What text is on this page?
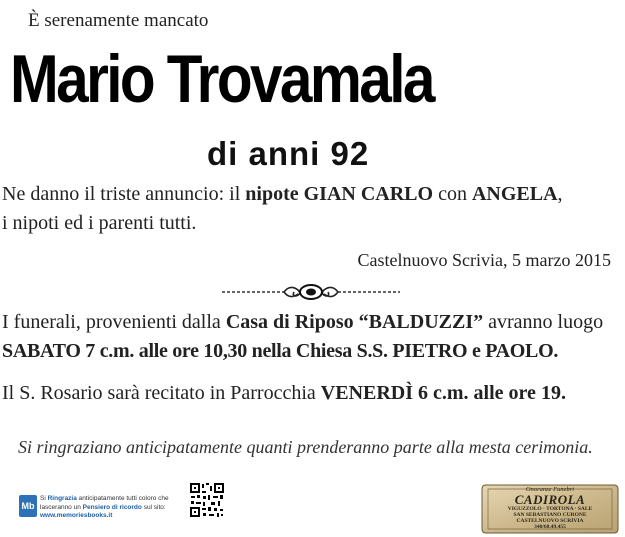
È serenamente mancato
Mario Trovamala
di anni 92
Ne danno il triste annuncio: il nipote GIAN CARLO con ANGELA,
i nipoti ed i parenti tutti.
Castelnuovo Scrivia, 5 marzo 2015
I funerali, provenienti dalla Casa di Riposo “BALDUZZI” avranno luogo
SABATO 7 c.m. alle ore 10,30 nella Chiesa S.S. PIETRO e PAOLO.
Il S. Rosario sarà recitato in Parrocchia VENERDÌ 6 c.m. alle ore 19.
Si ringraziano anticipatamente quanti prenderanno parte alla mesta cerimonia.
Mb
Si Ringrazia anticipatamente tutti coloro che lasceranno un Pensiero di ricordo sul sito: www.memoriesbooks.it
Onoranze Funebri
CADIROLA
VIGUZZOLO · TORTONA · SALE
SAN SEBASTIANO CURONE
CASTELNUOVO SCRIVIA
340/68.49.455
